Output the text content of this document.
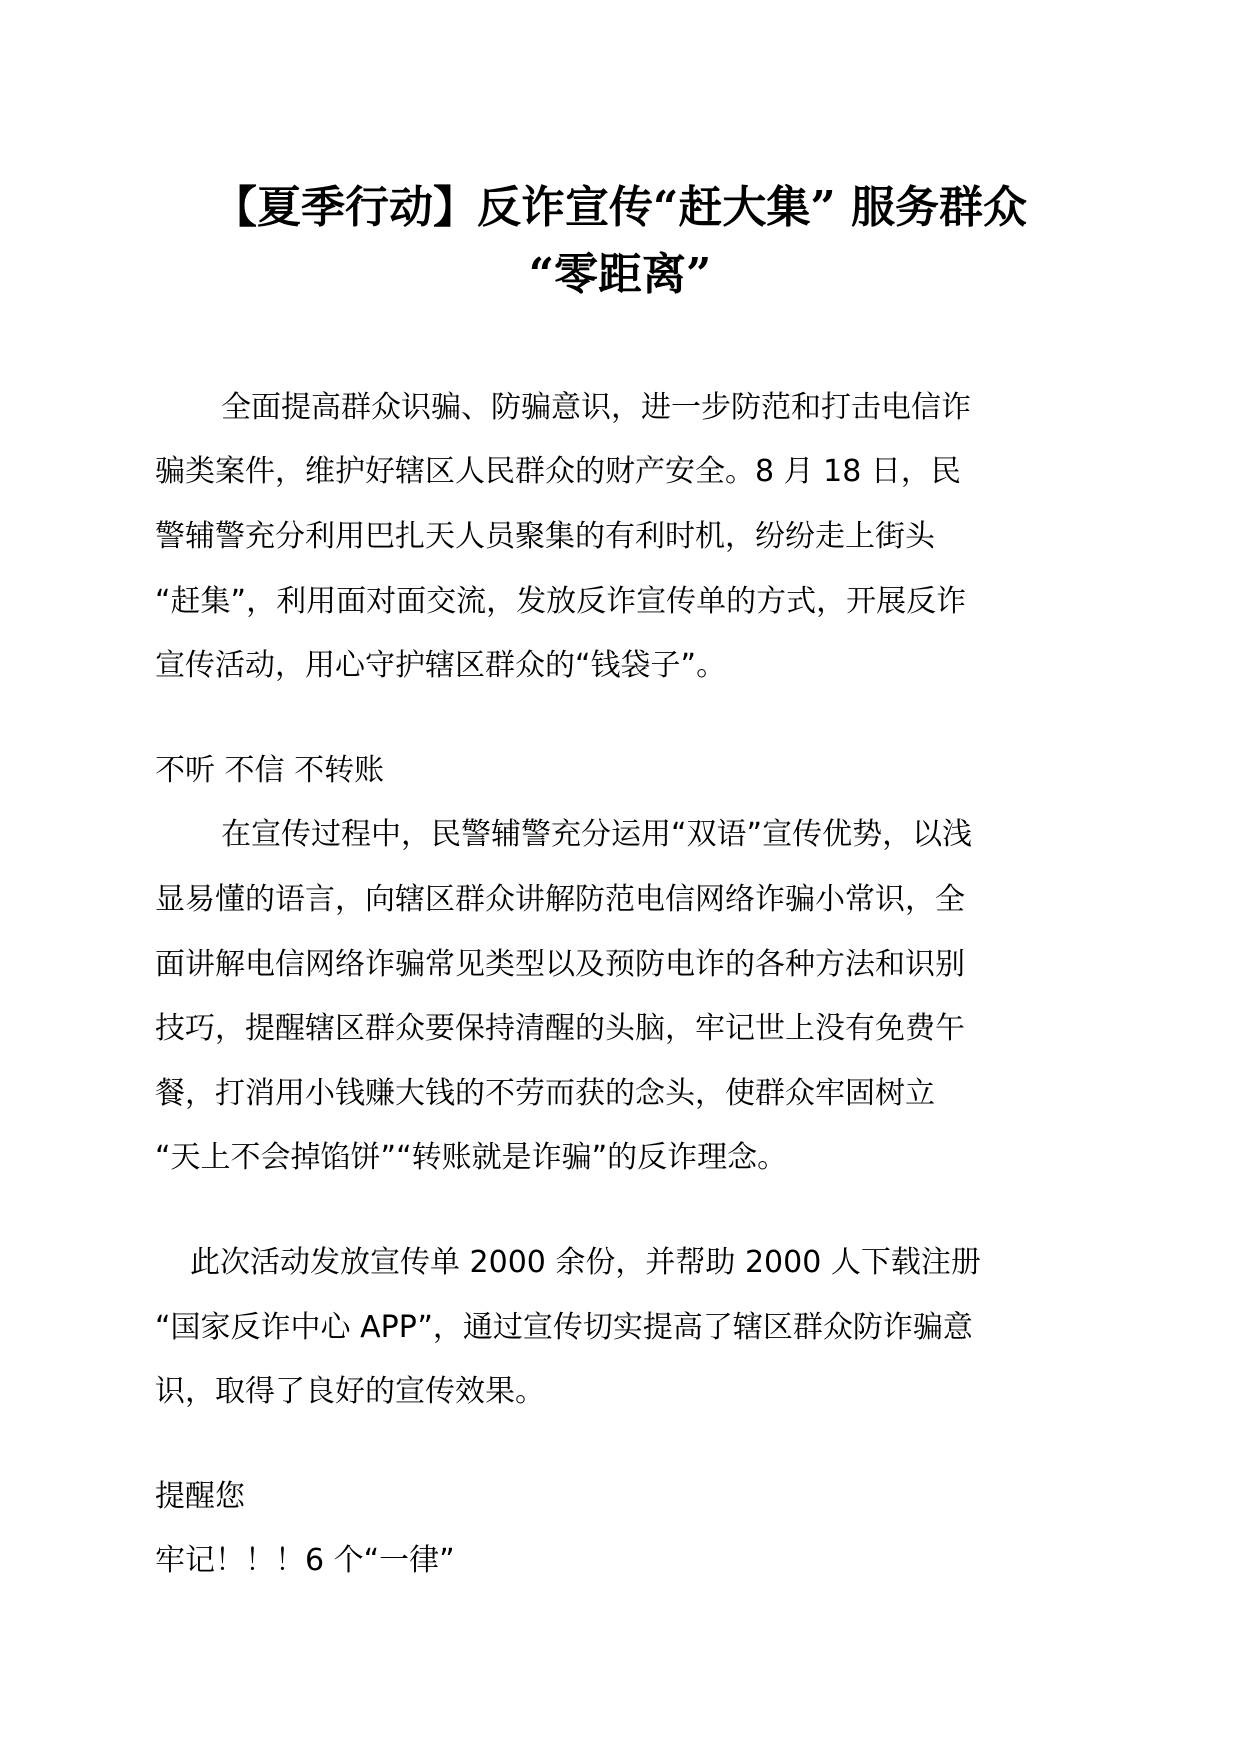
【夏季行动】反诈宣传“赶大集” 服务群众
“零距离”

全面提高群众识骗、防骗意识，进一步防范和打击电信诈

骗类案件，维护好辖区人民群众的财产安全。8 月 18 日，民

警辅警充分利用巴扎天人员聚集的有利时机，纷纷走上街头

“赶集”，利用面对面交流，发放反诈宣传单的方式，开展反诈

宣传活动，用心守护辖区群众的“钱袋子”。

不听 不信 不转账

在宣传过程中，民警辅警充分运用“双语”宣传优势，以浅

显易懂的语言，向辖区群众讲解防范电信网络诈骗小常识，全

面讲解电信网络诈骗常见类型以及预防电诈的各种方法和识别

技巧，提醒辖区群众要保持清醒的头脑，牢记世上没有免费午

餐，打消用小钱赚大钱的不劳而获的念头，使群众牢固树立

“天上不会掉馅饼”“转账就是诈骗”的反诈理念。

此次活动发放宣传单 2000 余份，并帮助 2000 人下载注册

“国家反诈中心 APP”，通过宣传切实提高了辖区群众防诈骗意

识，取得了良好的宣传效果。

提醒您

牢记！！！6 个“一律”
